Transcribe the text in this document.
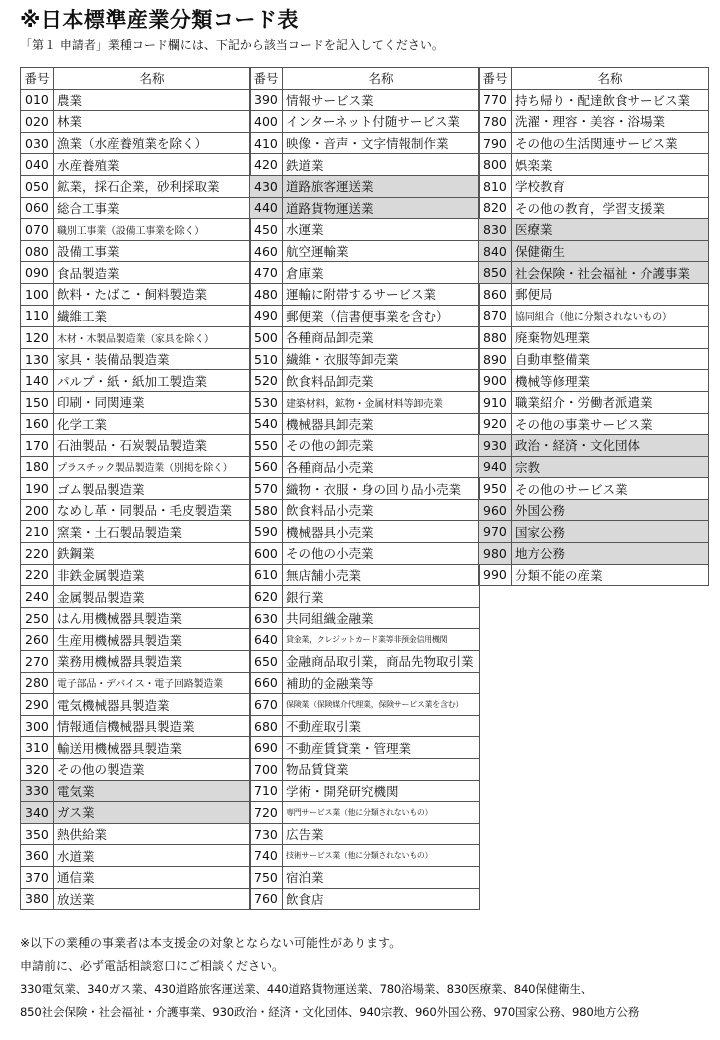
※日本標準産業分類コード表
「第１ 申請者」業種コード欄には、下記から該当コードを記入してください。
番号	名称
010	農業
020	林業
030	漁業（水産養殖業を除く）
040	水産養殖業
050	鉱業，採石企業，砂利採取業
060	総合工事業
070	職別工事業（設備工事業を除く）
080	設備工事業
090	食品製造業
100	飲料・たばこ・飼料製造業
110	繊維工業
120	木材・木製品製造業（家具を除く）
130	家具・装備品製造業
140	パルプ・紙・紙加工製造業
150	印刷・同関連業
160	化学工業
170	石油製品・石炭製品製造業
180	プラスチック製品製造業（別掲を除く）
190	ゴム製品製造業
200	なめし革・同製品・毛皮製造業
210	窯業・土石製品製造業
220	鉄鋼業
220	非鉄金属製造業
240	金属製品製造業
250	はん用機械器具製造業
260	生産用機械器具製造業
270	業務用機械器具製造業
280	電子部品・デバイス・電子回路製造業
290	電気機械器具製造業
300	情報通信機械器具製造業
310	輸送用機械器具製造業
320	その他の製造業
330	電気業
340	ガス業
350	熱供給業
360	水道業
370	通信業
380	放送業
番号	名称
390	情報サービス業
400	インターネット付随サービス業
410	映像・音声・文字情報制作業
420	鉄道業
430	道路旅客運送業
440	道路貨物運送業
450	水運業
460	航空運輸業
470	倉庫業
480	運輸に附帯するサービス業
490	郵便業（信書便事業を含む）
500	各種商品卸売業
510	繊維・衣服等卸売業
520	飲食料品卸売業
530	建築材料，鉱物・金属材料等卸売業
540	機械器具卸売業
550	その他の卸売業
560	各種商品小売業
570	織物・衣服・身の回り品小売業
580	飲食料品小売業
590	機械器具小売業
600	その他の小売業
610	無店舗小売業
620	銀行業
630	共同組織金融業
640	貸金業，クレジットカード業等非預金信用機関
650	金融商品取引業，商品先物取引業
660	補助的金融業等
670	保険業（保険媒介代理業，保険サービス業を含む）
680	不動産取引業
690	不動産賃貸業・管理業
700	物品賃貸業
710	学術・開発研究機関
720	専門サービス業（他に分類されないもの）
730	広告業
740	技術サービス業（他に分類されないもの）
750	宿泊業
760	飲食店
番号	名称
770	持ち帰り・配達飲食サービス業
780	洗濯・理容・美容・浴場業
790	その他の生活関連サービス業
800	娯楽業
810	学校教育
820	その他の教育，学習支援業
830	医療業
840	保健衛生
850	社会保険・社会福祉・介護事業
860	郵便局
870	協同組合（他に分類されないもの）
880	廃棄物処理業
890	自動車整備業
900	機械等修理業
910	職業紹介・労働者派遣業
920	その他の事業サービス業
930	政治・経済・文化団体
940	宗教
950	その他のサービス業
960	外国公務
970	国家公務
980	地方公務
990	分類不能の産業
※以下の業種の事業者は本支援金の対象とならない可能性があります。
申請前に、必ず電話相談窓口にご相談ください。
330電気業、340ガス業、430道路旅客運送業、440道路貨物運送業、780浴場業、830医療業、840保健衛生、
850社会保険・社会福祉・介護事業、930政治・経済・文化団体、940宗教、960外国公務、970国家公務、980地方公務
